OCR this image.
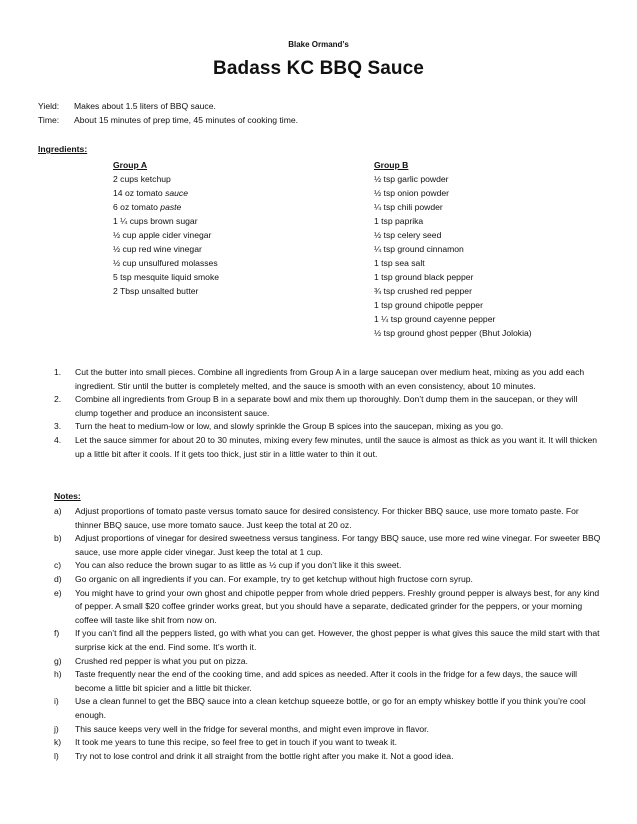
Blake Ormand’s
Badass KC BBQ Sauce
Yield: Makes about 1.5 liters of BBQ sauce.
Time: About 15 minutes of prep time, 45 minutes of cooking time.
Ingredients:
Group A
2 cups ketchup
14 oz tomato sauce
6 oz tomato paste
1 ¼ cups brown sugar
½ cup apple cider vinegar
½ cup red wine vinegar
½ cup unsulfured molasses
5 tsp mesquite liquid smoke
2 Tbsp unsalted butter
Group B
½ tsp garlic powder
½ tsp onion powder
¼ tsp chili powder
1 tsp paprika
½ tsp celery seed
¼ tsp ground cinnamon
1 tsp sea salt
1 tsp ground black pepper
¾ tsp crushed red pepper
1 tsp ground chipotle pepper
1 ¼ tsp ground cayenne pepper
½ tsp ground ghost pepper (Bhut Jolokia)
1. Cut the butter into small pieces. Combine all ingredients from Group A in a large saucepan over medium heat, mixing as you add each ingredient. Stir until the butter is completely melted, and the sauce is smooth with an even consistency, about 10 minutes.
2. Combine all ingredients from Group B in a separate bowl and mix them up thoroughly. Don’t dump them in the saucepan, or they will clump together and produce an inconsistent sauce.
3. Turn the heat to medium-low or low, and slowly sprinkle the Group B spices into the saucepan, mixing as you go.
4. Let the sauce simmer for about 20 to 30 minutes, mixing every few minutes, until the sauce is almost as thick as you want it. It will thicken up a little bit after it cools. If it gets too thick, just stir in a little water to thin it out.
Notes:
a) Adjust proportions of tomato paste versus tomato sauce for desired consistency. For thicker BBQ sauce, use more tomato paste. For thinner BBQ sauce, use more tomato sauce. Just keep the total at 20 oz.
b) Adjust proportions of vinegar for desired sweetness versus tanginess. For tangy BBQ sauce, use more red wine vinegar. For sweeter BBQ sauce, use more apple cider vinegar. Just keep the total at 1 cup.
c) You can also reduce the brown sugar to as little as ½ cup if you don’t like it this sweet.
d) Go organic on all ingredients if you can. For example, try to get ketchup without high fructose corn syrup.
e) You might have to grind your own ghost and chipotle pepper from whole dried peppers. Freshly ground pepper is always best, for any kind of pepper. A small $20 coffee grinder works great, but you should have a separate, dedicated grinder for the peppers, or your morning coffee will taste like shit from now on.
f) If you can’t find all the peppers listed, go with what you can get. However, the ghost pepper is what gives this sauce the mild start with that surprise kick at the end. Find some. It’s worth it.
g) Crushed red pepper is what you put on pizza.
h) Taste frequently near the end of the cooking time, and add spices as needed. After it cools in the fridge for a few days, the sauce will become a little bit spicier and a little bit thicker.
i) Use a clean funnel to get the BBQ sauce into a clean ketchup squeeze bottle, or go for an empty whiskey bottle if you think you’re cool enough.
j) This sauce keeps very well in the fridge for several months, and might even improve in flavor.
k) It took me years to tune this recipe, so feel free to get in touch if you want to tweak it.
l) Try not to lose control and drink it all straight from the bottle right after you make it. Not a good idea.
